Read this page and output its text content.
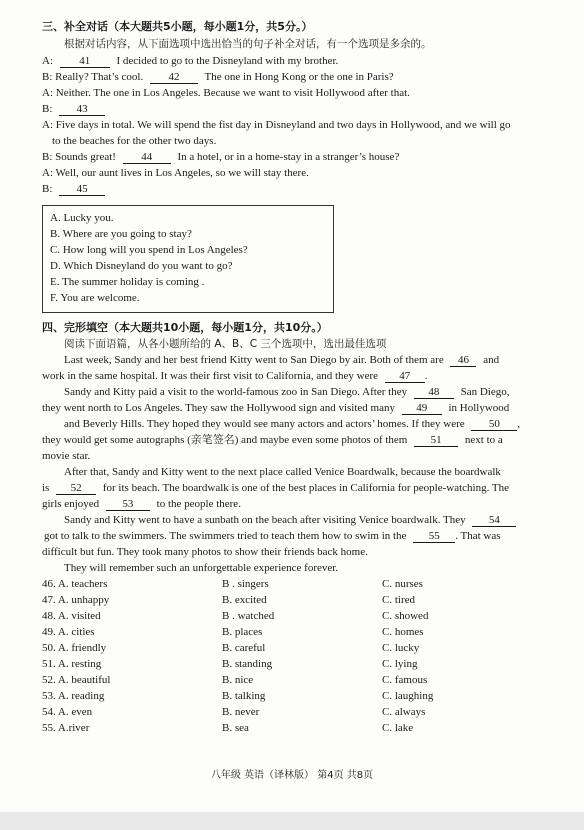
三、补全对话（本大题共5小题，每小题1分，共5分。）
根据对话内容，从下面选项中选出恰当的句子补全对话，有一个选项是多余的。
A: 41 I decided to go to the Disneyland with my brother.
B: Really? That’s cool. 42 The one in Hong Kong or the one in Paris?
A: Neither. The one in Los Angeles. Because we want to visit Hollywood after that.
B: 43
A: Five days in total. We will spend the fist day in Disneyland and two days in Hollywood, and we will go
to the beaches for the other two days.
B: Sounds great! 44 In a hotel, or in a home-stay in a stranger’s house?
A: Well, our aunt lives in Los Angeles, so we will stay there.
B: 45
A. Lucky you.
B. Where are you going to stay?
C. How long will you spend in Los Angeles?
D. Which Disneyland do you want to go?
E. The summer holiday is coming .
F. You are welcome.
四、完形填空（本大题共10小题，每小题1分，共10分。）
阅读下面语篇，从各小题所给的 A、B、C 三个选项中，选出最佳选项
Last week, Sandy and her best friend Kitty went to San Diego by air. Both of them are 46 and
work in the same hospital. It was their first visit to California, and they were 47 .
Sandy and Kitty paid a visit to the world-famous zoo in San Diego. After they 48 San Diego,
they went north to Los Angeles. They saw the Hollywood sign and visited many 49 in Hollywood
and Beverly Hills. They hoped they would see many actors and actors’ homes. If they were 50 ,
they would get some autographs (亲笔签名) and maybe even some photos of them 51 next to a
movie star.
After that, Sandy and Kitty went to the next place called Venice Boardwalk, because the boardwalk
is 52 for its beach. The boardwalk is one of the best places in California for people-watching. The
girls enjoyed 53 to the people there.
Sandy and Kitty went to have a sunbath on the beach after visiting Venice boardwalk. They 54
got to talk to the swimmers. The swimmers tried to teach them how to swim in the 55 . That was
difficult but fun. They took many photos to show their friends back home.
They will remember such an unforgettable experience forever.
46. A. teachers	B . singers	C. nurses
47. A. unhappy	B. excited	C. tired
48. A. visited	B . watched	C. showed
49. A. cities	B. places	C. homes
50. A. friendly	B. careful	C. lucky
51. A. resting	B. standing	C. lying
52. A. beautiful	B. nice	C. famous
53. A. reading	B. talking	C. laughing
54. A. even	B. never	C. always
55. A.river	B. sea	C. lake
八年级 英语（译林版） 第4页 共8页
